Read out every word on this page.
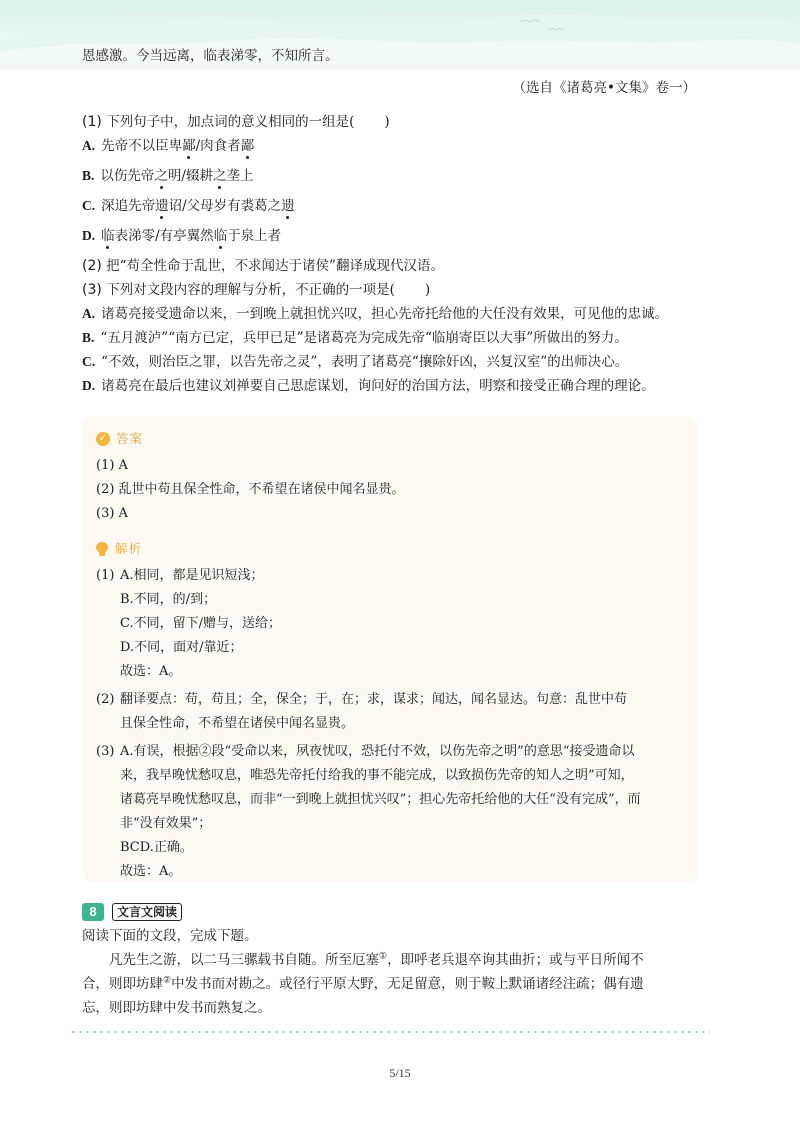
恩感激。今当远离，临表涕零，不知所言。
（选自《诸葛亮•文集》卷一）
(1) 下列句子中，加点词的意义相同的一组是( )
A. 先帝不以臣卑鄙/肉食者鄙
B. 以伤先帝之明/辍耕之垄上
C. 深追先帝遗诏/父母岁有裘葛之遗
D. 临表涕零/有亭翼然临于泉上者
(2) 把“苟全性命于乱世，不求闻达于诸侯”翻译成现代汉语。
(3) 下列对文段内容的理解与分析，不正确的一项是( )
A. 诸葛亮接受遗命以来，一到晚上就担忧兴叹，担心先帝托给他的大任没有效果，可见他的忠诚。
B. “五月渡泸”“南方已定，兵甲已足”是诸葛亮为完成先帝“临崩寄臣以大事”所做出的努力。
C. “不效，则治臣之罪，以告先帝之灵”，表明了诸葛亮“攘除奸凶，兴复汉室”的出师决心。
D. 诸葛亮在最后也建议刘禅要自己思虑谋划，询问好的治国方法，明察和接受正确合理的理论。
✓ 答案
(1) A
(2) 乱世中苟且保全性命，不希望在诸侯中闻名显贵。
(3) A
解析
(1) A.相同，都是见识短浅；
B.不同，的/到；
C.不同，留下/赠与，送给；
D.不同，面对/靠近；
故选：A。
(2) 翻译要点：苟，苟且；全，保全；于，在；求，谋求；闻达，闻名显达。句意：乱世中苟
且保全性命，不希望在诸侯中闻名显贵。
(3) A.有误，根据②段“受命以来，夙夜忧叹，恐托付不效，以伤先帝之明”的意思“接受遗命以
来，我早晚忧愁叹息，唯恐先帝托付给我的事不能完成，以致损伤先帝的知人之明”可知，
诸葛亮早晚忧愁叹息，而非“一到晚上就担忧兴叹”；担心先帝托给他的大任“没有完成”，而
非“没有效果”；
BCD.正确。
故选：A。
8	文言文阅读
阅读下面的文段，完成下题。
凡先生之游，以二马三骡载书自随。所至厄塞①，即呼老兵退卒询其曲折；或与平日所闻不
合，则即坊肆②中发书而对勘之。或径行平原大野，无足留意，则于鞍上默诵诸经注疏；偶有遗
忘，则即坊肆中发书而熟复之。
5/15
